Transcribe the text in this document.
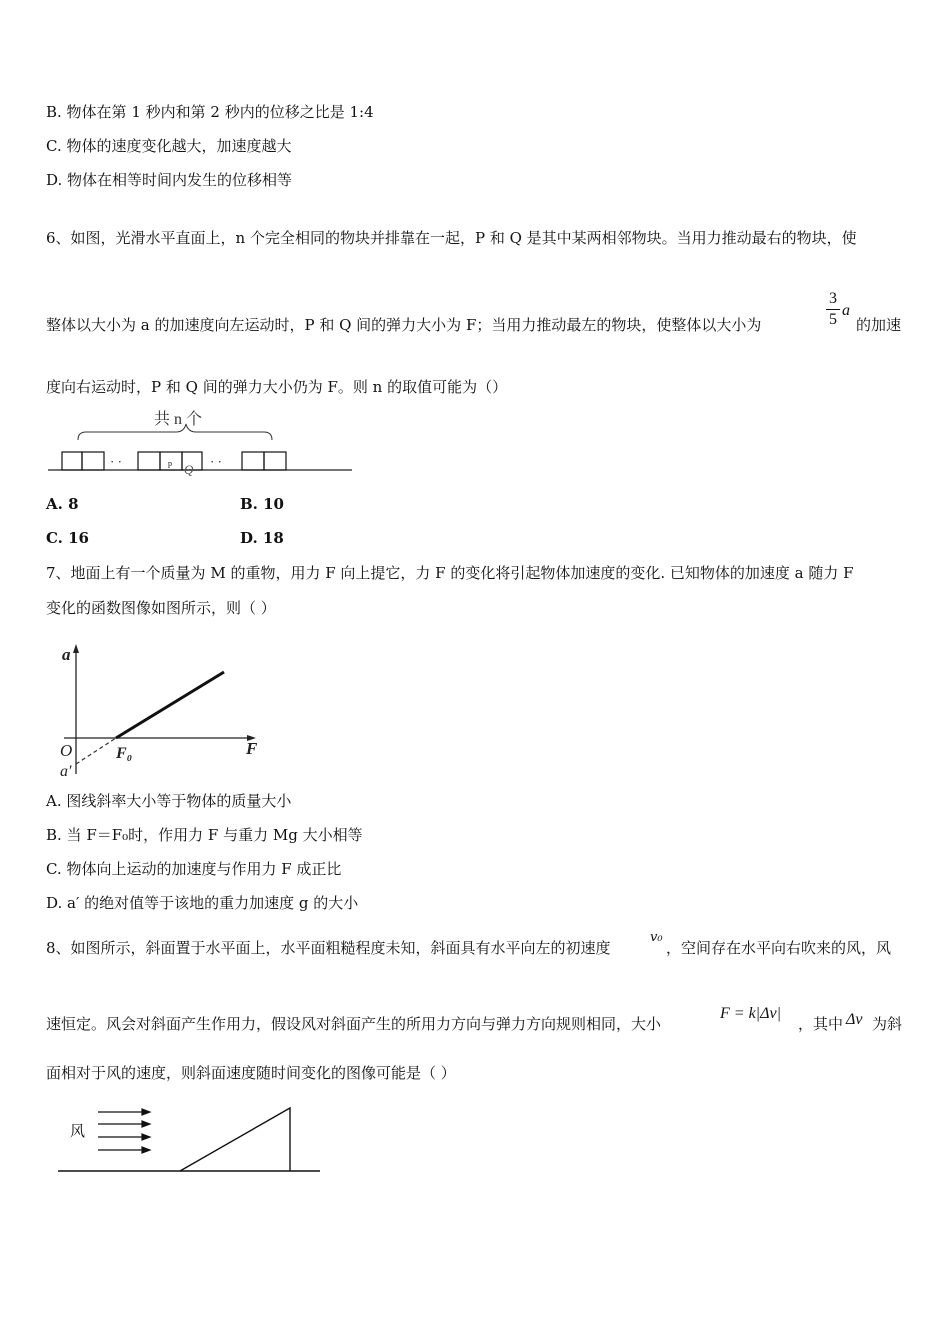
B. 物体在第 1 秒内和第 2 秒内的位移之比是 1:4
C. 物体的速度变化越大，加速度越大
D. 物体在相等时间内发生的位移相等
6、如图，光滑水平直面上，n 个完全相同的物块并排靠在一起，P 和 Q 是其中某两相邻物块。当用力推动最右的物块，使
整体以大小为 a 的加速度向左运动时，P 和 Q 间的弹力大小为 F；当用力推动最左的物块，使整体以大小为
3
5
a
的加速
度向右运动时，P 和 Q 间的弹力大小仍为 F。则 n 的取值可能为（）
共 n 个
· ·	p Q
· ·
A. 8	B. 10
C. 16	D. 18
7、地面上有一个质量为 M 的重物，用力 F 向上提它，力 F 的变化将引起物体加速度的变化. 已知物体的加速度 a 随力 F
变化的函数图像如图所示，则（ ）
a
F
O	F₀
a′
A. 图线斜率大小等于物体的质量大小
B. 当 F＝F₀时，作用力 F 与重力 Mg 大小相等
C. 物体向上运动的加速度与作用力 F 成正比
D. a′ 的绝对值等于该地的重力加速度 g 的大小
8、如图所示，斜面置于水平面上，水平面粗糙程度未知，斜面具有水平向左的初速度
v₀
，空间存在水平向右吹来的风，风
速恒定。风会对斜面产生作用力，假设风对斜面产生的所用力方向与弹力方向规则相同，大小
F = k|Δv|
，其中 Δv 为斜
面相对于风的速度，则斜面速度随时间变化的图像可能是（ ）
风
